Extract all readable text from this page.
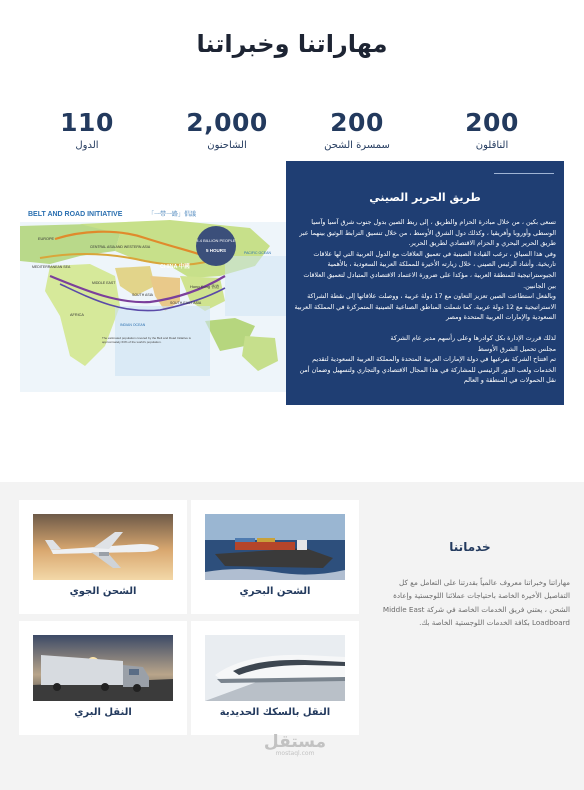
مهاراتنا وخبراتنا
200
الناقلون
200
سمسرة الشحن
2,000
الشاحنون
110
الدول
BELT AND ROAD INITIATIVE	「一带一路」倡議
4.4 BILLION PEOPLE
5 HOURS
EUROPE
CENTRAL ASIA AND WESTERN ASIA
MEDITERRANEAN SEA
MIDDLE EAST
SOUTH ASIA
CHINA 中國
PACIFIC OCEAN
INDIAN OCEAN
Hong Kong 香港
SOUTH-EAST ASIA
AFRICA
The estimated population covered by the Belt and Road Initiative is approximately 63% of the world's population.
طريق الحرير الصيني

تسعى بكين ، من خلال مبادرة الحزام والطريق ، إلى ربط الصين بدول جنوب شرق آسيا وآسيا الوسطى وأوروبا وأفريقيا ، وكذلك دول الشرق الأوسط ، من خلال تنسيق الترابط الوثيق بينهما عبر طريق الحرير البحري و الحزام الاقتصادي لطريق الحرير.

وفي هذا السياق ، ترغب القيادة الصينية في تعميق العلاقات مع الدول العربية التي لها علاقات تاريخية. وأشاد الرئيس الصيني ، خلال زيارته الأخيرة للمملكة العربية السعودية ، بالأهمية الجيوستراتيجية للمنطقة العربية ، مؤكدا على ضرورة الاعتماد الاقتصادي المتبادل لتعميق العلاقات بين الجانبين.

وبالفعل استطاعت الصين تعزيز التعاون مع 17 دولة عربية ، ووصلت علاقاتها إلى نقطة الشراكة الاستراتيجية مع 12 دولة عربية. كما شملت المناطق الصناعية الصينية المتمركزة في المملكة العربية السعودية والإمارات العربية المتحدة ومصر

لذلك قررت الإدارة بكل كوادرها وعلى رأسهم مدير عام الشركة

مجلس تحميل الشرق الأوسط

تم افتتاح الشركة بفرعيها في دولة الإمارات العربية المتحدة والمملكة العربية السعودية لتقديم الخدمات ولعب الدور الرئيسي للمشاركة في هذا المجال الاقتصادي والتجاري ولتسهيل وضمان أمن نقل الحمولات في المنطقة و العالم

الشحن البحري
الشحن الجوي
النقل بالسكك الحديدية
النقل البري
خدماتنا
مهاراتنا وخبراتنا معروف عالمياً بقدرتنا على التعامل مع كل التفاصيل الأخيرة الخاصة باحتياجات عملائنا اللوجستية وإعادة الشحن ، يعتني فريق الخدمات الخاصة في شركة Middle East Loadboard بكافة الخدمات اللوجستية الخاصة بك.
مستقل
mostaql.com
